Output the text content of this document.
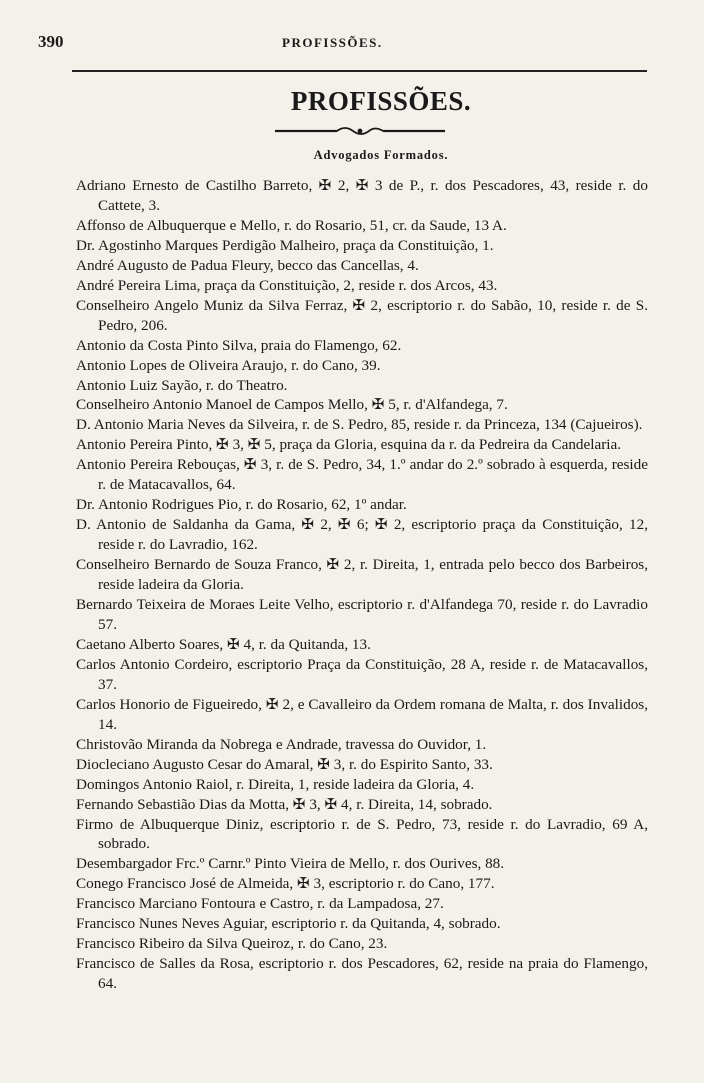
390	PROFISSÕES.
PROFISSÕES.
Advogados Formados.
Adriano Ernesto de Castilho Barreto, ✠ 2, ✠ 3 de P., r. dos Pescadores, 43, reside r. do Cattete, 3.
Affonso de Albuquerque e Mello, r. do Rosario, 51, cr. da Saude, 13 A.
Dr. Agostinho Marques Perdigão Malheiro, praça da Constituição, 1.
André Augusto de Padua Fleury, becco das Cancellas, 4.
André Pereira Lima, praça da Constituição, 2, reside r. dos Arcos, 43.
Conselheiro Angelo Muniz da Silva Ferraz, ✠ 2, escriptorio r. do Sabão, 10, reside r. de S. Pedro, 206.
Antonio da Costa Pinto Silva, praia do Flamengo, 62.
Antonio Lopes de Oliveira Araujo, r. do Cano, 39.
Antonio Luiz Sayão, r. do Theatro.
Conselheiro Antonio Manoel de Campos Mello, ✠ 5, r. d'Alfandega, 7.
D. Antonio Maria Neves da Silveira, r. de S. Pedro, 85, reside r. da Princeza, 134 (Cajueiros).
Antonio Pereira Pinto, ✠ 3, ✠ 5, praça da Gloria, esquina da r. da Pedreira da Candelaria.
Antonio Pereira Rebouças, ✠ 3, r. de S. Pedro, 34, 1.º andar do 2.º sobrado à esquerda, reside r. de Matacavallos, 64.
Dr. Antonio Rodrigues Pio, r. do Rosario, 62, 1º andar.
D. Antonio de Saldanha da Gama, ✠ 2, ✠ 6; ✠ 2, escriptorio praça da Constituição, 12, reside r. do Lavradio, 162.
Conselheiro Bernardo de Souza Franco, ✠ 2, r. Direita, 1, entrada pelo becco dos Barbeiros, reside ladeira da Gloria.
Bernardo Teixeira de Moraes Leite Velho, escriptorio r. d'Alfandega 70, reside r. do Lavradio 57.
Caetano Alberto Soares, ✠ 4, r. da Quitanda, 13.
Carlos Antonio Cordeiro, escriptorio Praça da Constituição, 28 A, reside r. de Matacavallos, 37.
Carlos Honorio de Figueiredo, ✠ 2, e Cavalleiro da Ordem romana de Malta, r. dos Invalidos, 14.
Christovão Miranda da Nobrega e Andrade, travessa do Ouvidor, 1.
Diocleciano Augusto Cesar do Amaral, ✠ 3, r. do Espirito Santo, 33.
Domingos Antonio Raiol, r. Direita, 1, reside ladeira da Gloria, 4.
Fernando Sebastião Dias da Motta, ✠ 3, ✠ 4, r. Direita, 14, sobrado.
Firmo de Albuquerque Diniz, escriptorio r. de S. Pedro, 73, reside r. do Lavradio, 69 A, sobrado.
Desembargador Frc.º Carnr.º Pinto Vieira de Mello, r. dos Ourives, 88.
Conego Francisco José de Almeida, ✠ 3, escriptorio r. do Cano, 177.
Francisco Marciano Fontoura e Castro, r. da Lampadosa, 27.
Francisco Nunes Neves Aguiar, escriptorio r. da Quitanda, 4, sobrado.
Francisco Ribeiro da Silva Queiroz, r. do Cano, 23.
Francisco de Salles da Rosa, escriptorio r. dos Pescadores, 62, reside na praia do Flamengo, 64.
